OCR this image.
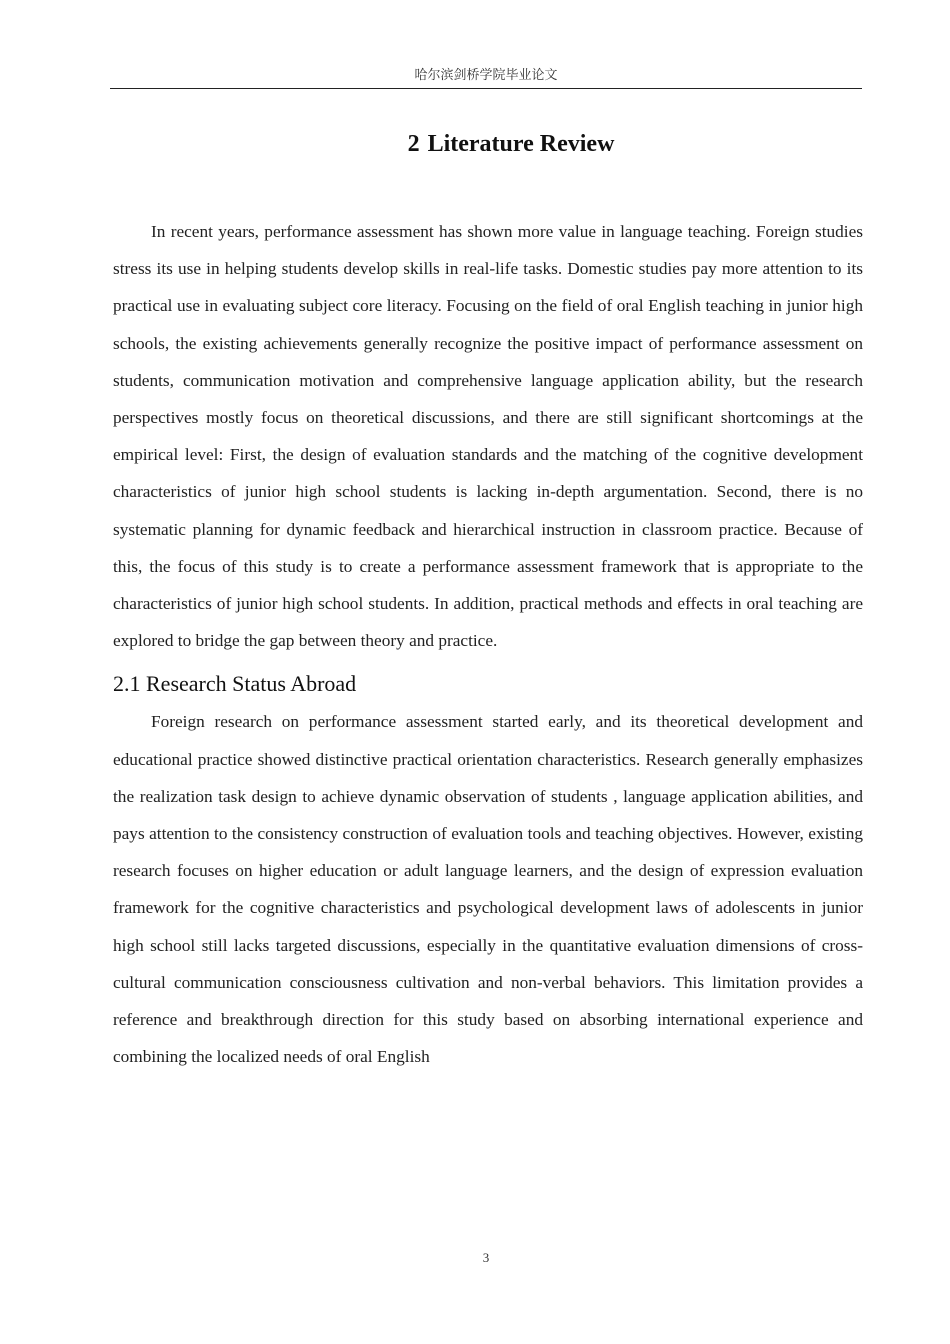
哈尔滨剑桥学院毕业论文
2 Literature Review

In recent years, performance assessment has shown more value in language teaching. Foreign studies stress its use in helping students develop skills in real-life tasks. Domestic studies pay more attention to its practical use in evaluating subject core literacy. Focusing on the field of oral English teaching in junior high schools, the existing achievements generally recognize the positive impact of performance assessment on students, communication motivation and comprehensive language application ability, but the research perspectives mostly focus on theoretical discussions, and there are still significant shortcomings at the empirical level: First, the design of evaluation standards and the matching of the cognitive development characteristics of junior high school students is lacking in-depth argumentation. Second, there is no systematic planning for dynamic feedback and hierarchical instruction in classroom practice. Because of this, the focus of this study is to create a performance assessment framework that is appropriate to the characteristics of junior high school students. In addition, practical methods and effects in oral teaching are explored to bridge the gap between theory and practice.

2.1 Research Status Abroad

Foreign research on performance assessment started early, and its theoretical development and educational practice showed distinctive practical orientation characteristics. Research generally emphasizes the realization task design to achieve dynamic observation of students , language application abilities, and pays attention to the consistency construction of evaluation tools and teaching objectives. However, existing research focuses on higher education or adult language learners, and the design of expression evaluation framework for the cognitive characteristics and psychological development laws of adolescents in junior high school still lacks targeted discussions, especially in the quantitative evaluation dimensions of cross-cultural communication consciousness cultivation and non-verbal behaviors. This limitation provides a reference and breakthrough direction for this study based on absorbing international experience and combining the localized needs of oral English

3
